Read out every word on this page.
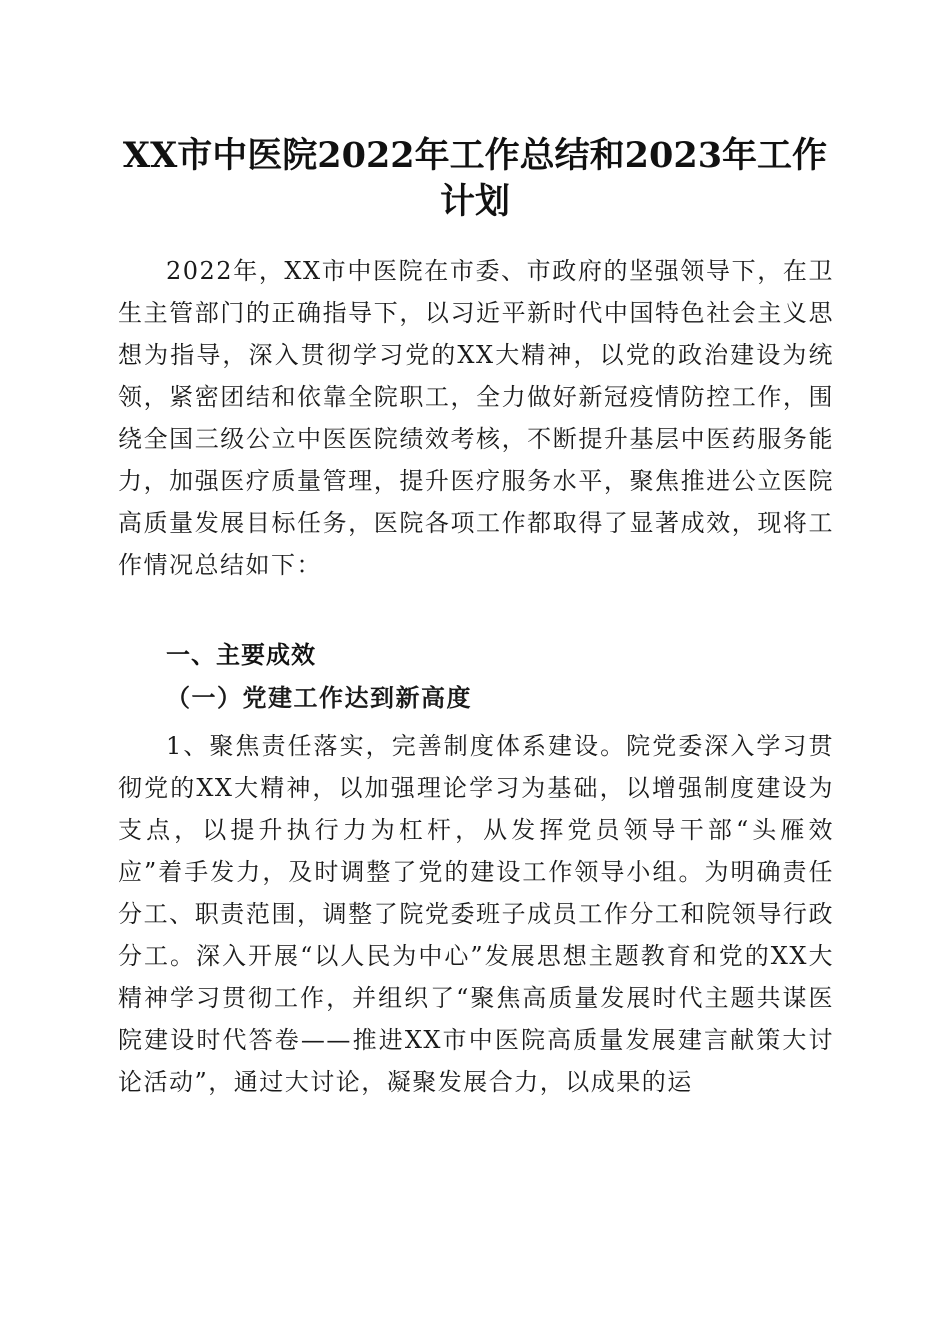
XX市中医院2022年工作总结和2023年工作计划

2022年，XX市中医院在市委、市政府的坚强领导下，在卫生主管部门的正确指导下，以习近平新时代中国特色社会主义思想为指导，深入贯彻学习党的XX大精神，以党的政治建设为统领，紧密团结和依靠全院职工，全力做好新冠疫情防控工作，围绕全国三级公立中医医院绩效考核，不断提升基层中医药服务能力，加强医疗质量管理，提升医疗服务水平，聚焦推进公立医院高质量发展目标任务，医院各项工作都取得了显著成效，现将工作情况总结如下：

一、主要成效
（一）党建工作达到新高度

1、聚焦责任落实，完善制度体系建设。院党委深入学习贯彻党的XX大精神，以加强理论学习为基础，以增强制度建设为支点，以提升执行力为杠杆，从发挥党员领导干部“头雁效应”着手发力，及时调整了党的建设工作领导小组。为明确责任分工、职责范围，调整了院党委班子成员工作分工和院领导行政分工。深入开展“以人民为中心”发展思想主题教育和党的XX大精神学习贯彻工作，并组织了“聚焦高质量发展时代主题共谋医院建设时代答卷——推进XX市中医院高质量发展建言献策大讨论活动”，通过大讨论，凝聚发展合力，以成果的运
